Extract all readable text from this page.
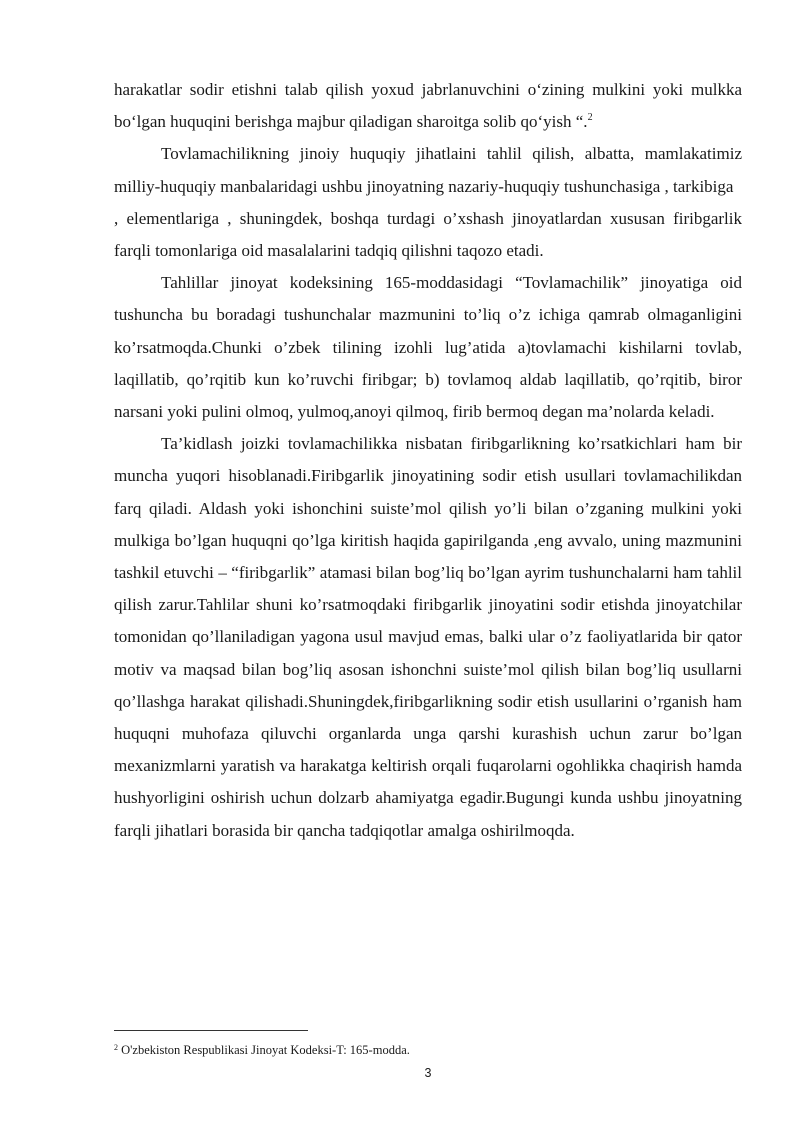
harakatlar sodir etishni talab qilish yoxud jabrlanuvchini o‘zining mulkini yoki mulkka bo‘lgan huquqini berishga majbur qiladigan sharoitga solib qo‘yish “.$^2$

Tovlamachilikning jinoiy huquqiy jihatlaini tahlil qilish, albatta, mamlakatimiz milliy-huquqiy manbalaridagi ushbu jinoyatning nazariy-huquqiy tushunchasiga , tarkibiga

, elementlariga , shuningdek, boshqa turdagi o’xshash jinoyatlardan xususan firibgarlik farqli tomonlariga oid masalalarini tadqiq qilishni taqozo etadi.

Tahlillar jinoyat kodeksining 165-moddasidagi “Tovlamachilik” jinoyatiga oid tushuncha bu boradagi tushunchalar mazmunini to’liq o’z ichiga qamrab olmaganligini ko’rsatmoqda.Chunki o’zbek tilining izohli lug’atida a)tovlamachi kishilarni tovlab, laqillatib, qo’rqitib kun ko’ruvchi firibgar; b) tovlamoq aldab laqillatib, qo’rqitib, biror narsani yoki pulini olmoq, yulmoq,anoyi qilmoq, firib bermoq degan ma’nolarda keladi.

Ta’kidlash joizki tovlamachilikka nisbatan firibgarlikning ko’rsatkichlari ham bir muncha yuqori hisoblanadi.Firibgarlik jinoyatining sodir etish usullari tovlamachilikdan farq qiladi. Aldash yoki ishonchini suiste’mol qilish yo’li bilan o’zganing mulkini yoki mulkiga bo’lgan huquqni qo’lga kiritish haqida gapirilganda ,eng avvalo, uning mazmunini tashkil etuvchi – “firibgarlik” atamasi bilan bog’liq bo’lgan ayrim tushunchalarni ham tahlil qilish zarur.Tahlilar shuni ko’rsatmoqdaki firibgarlik jinoyatini sodir etishda jinoyatchilar tomonidan qo’llaniladigan yagona usul mavjud emas, balki ular o’z faoliyatlarida bir qator motiv va maqsad bilan bog’liq asosan ishonchni suiste’mol qilish bilan bog’liq usullarni qo’llashga harakat qilishadi.Shuningdek,firibgarlikning sodir etish usullarini o’rganish ham huquqni muhofaza qiluvchi organlarda unga qarshi kurashish uchun zarur bo’lgan mexanizmlarni yaratish va harakatga keltirish orqali fuqarolarni ogohlikka chaqirish hamda hushyorligini oshirish uchun dolzarb ahamiyatga egadir.Bugungi kunda ushbu jinoyatning farqli jihatlari borasida bir qancha tadqiqotlar amalga oshirilmoqda.

$^2$ O'zbekiston Respublikasi Jinoyat Kodeksi-T: 165-modda.
3
